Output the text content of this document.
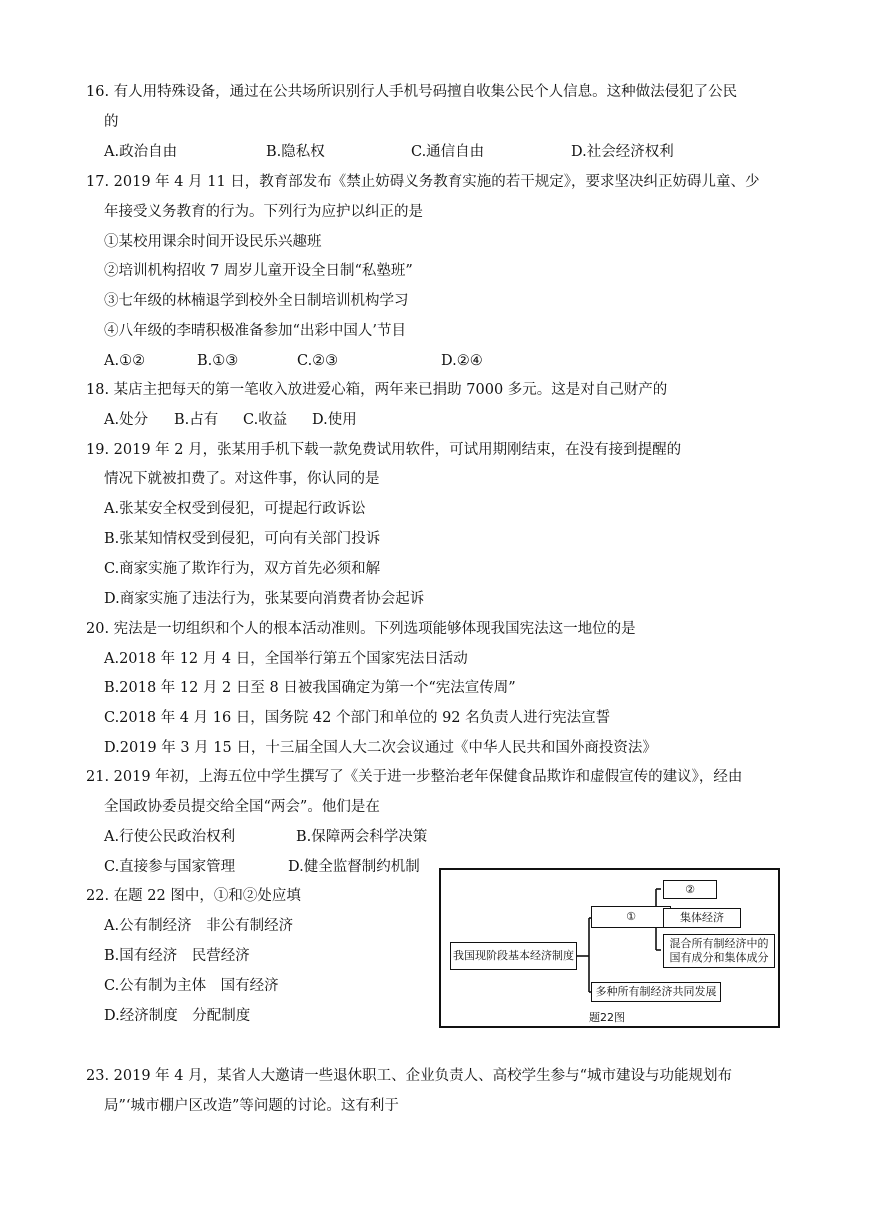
16. 有人用特殊设备，通过在公共场所识别行人手机号码擅自收集公民个人信息。这种做法侵犯了公民
的
A.政治自由	B.隐私权	C.通信自由	D.社会经济权利
17. 2019 年 4 月 11 日，教育部发布《禁止妨碍义务教育实施的若干规定》，要求坚决纠正妨碍儿童、少
年接受义务教育的行为。下列行为应护以纠正的是
①某校用课余时间开设民乐兴趣班
②培训机构招收 7 周岁儿童开设全日制“私塾班”
③七年级的林楠退学到校外全日制培训机构学习
④八年级的李晴积极准备参加“出彩中国人’节目
A.①②	B.①③	C.②③	D.②④
18. 某店主把每天的第一笔收入放进爱心箱，两年来已捐助 7000 多元。这是对自己财产的
A.处分 B.占有 C.收益 D.使用
19. 2019 年 2 月，张某用手机下载一款免费试用软件，可试用期刚结束，在没有接到提醒的
情况下就被扣费了。对这件事，你认同的是
A.张某安全权受到侵犯，可提起行政诉讼
B.张某知情权受到侵犯，可向有关部门投诉
C.商家实施了欺诈行为，双方首先必须和解
D.商家实施了违法行为，张某要向消费者协会起诉
20. 宪法是一切组织和个人的根本活动准则。下列选项能够体现我国宪法这一地位的是
A.2018 年 12 月 4 日，全国举行第五个国家宪法日活动
B.2018 年 12 月 2 日至 8 日被我国确定为第一个“宪法宣传周”
C.2018 年 4 月 16 日，国务院 42 个部门和单位的 92 名负责人进行宪法宣誓
D.2019 年 3 月 15 日，十三届全国人大二次会议通过《中华人民共和国外商投资法》
21. 2019 年初，上海五位中学生撰写了《关于进一步整治老年保健食品欺诈和虚假宣传的建议》，经由
全国政协委员提交给全国“两会”。他们是在
A.行使公民政治权利	B.保障两会科学决策
C.直接参与国家管理	D.健全监督制约机制
22. 在题 22 图中，①和②处应填
A.公有制经济　非公有制经济
B.国有经济　民营经济
C.公有制为主体　国有经济
D.经济制度　分配制度
我国现阶段基本经济制度
①
②
集体经济
混合所有制经济中的
国有成分和集体成分
多种所有制经济共同发展
题22图
23. 2019 年 4 月，某省人大邀请一些退休职工、企业负责人、高校学生参与“城市建设与功能规划布
局”‘城市棚户区改造”等问题的讨论。这有利于
